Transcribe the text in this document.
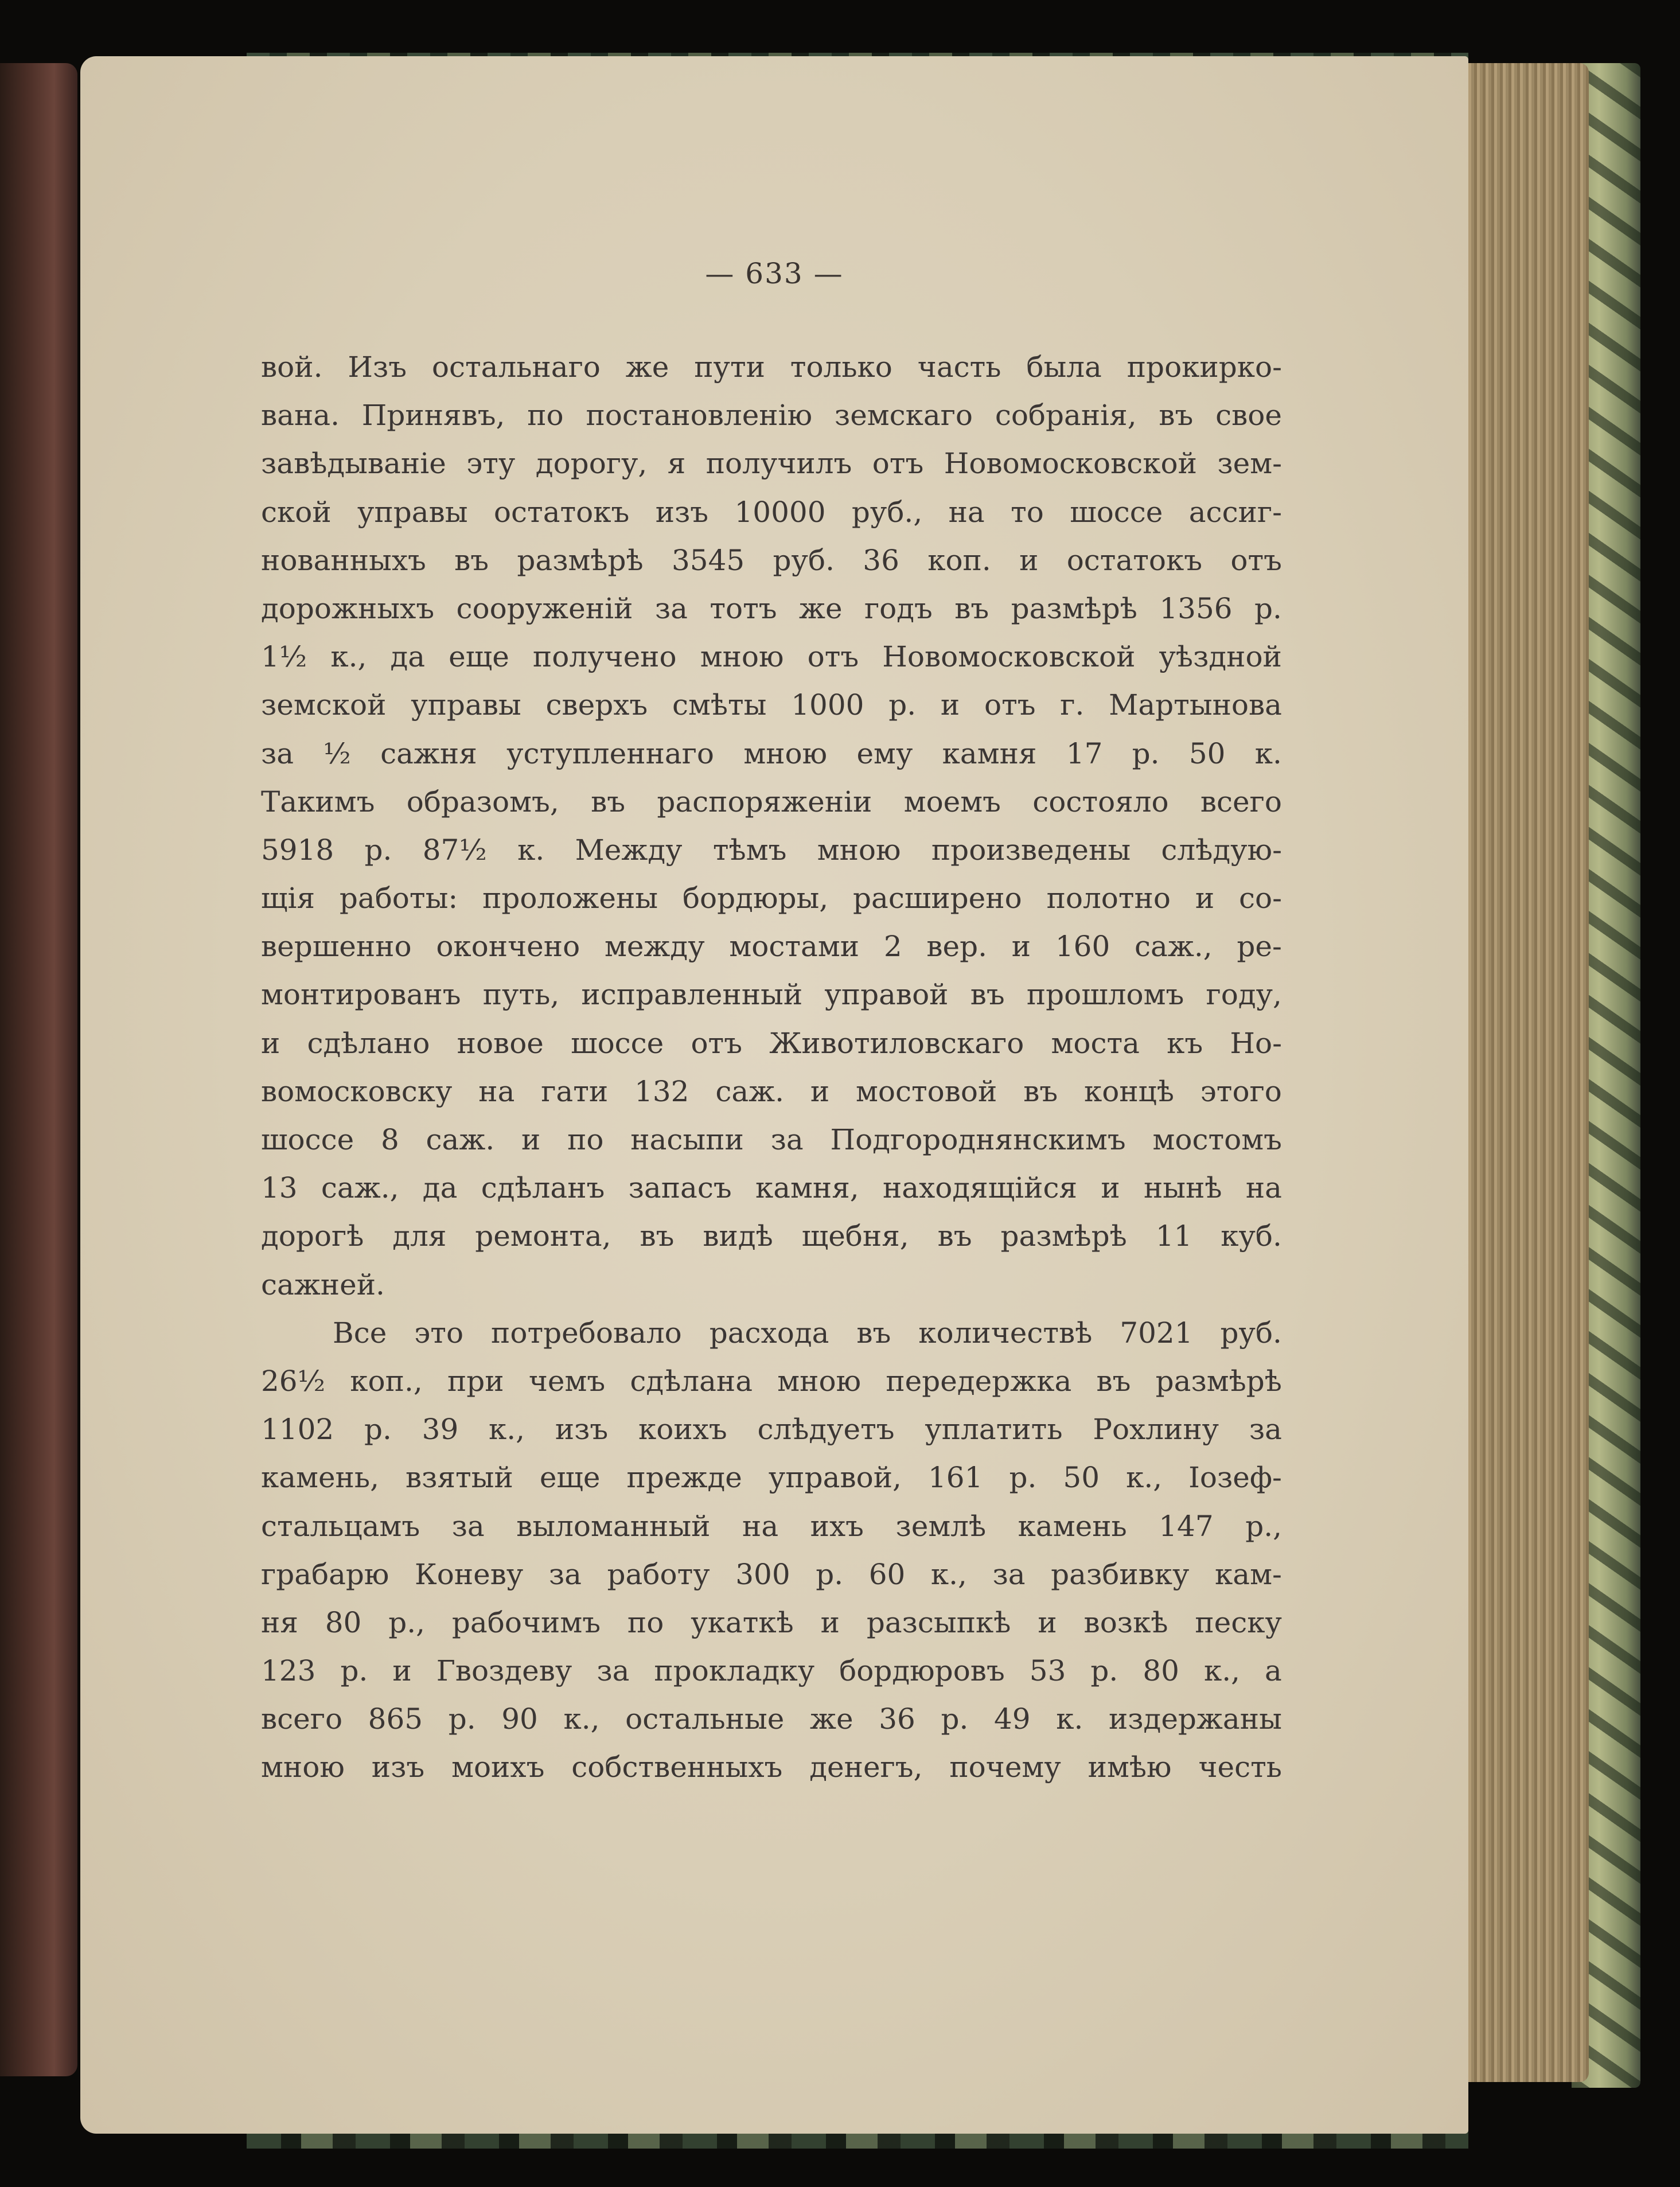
— 633 —
вой. Изъ остальнаго же пути только часть была прокирко-
вана. Принявъ, по постановленію земскаго собранія, въ свое
завѣдываніе эту дорогу, я получилъ отъ Новомосковской зем-
ской управы остатокъ изъ 10000 руб., на то шоссе ассиг-
нованныхъ въ размѣрѣ 3545 руб. 36 коп. и остатокъ отъ
дорожныхъ сооруженій за тотъ же годъ въ размѣрѣ 1356 р.
1½ к., да еще получено мною отъ Новомосковской уѣздной
земской управы сверхъ смѣты 1000 р. и отъ г. Мартынова
за ½ сажня уступленнаго мною ему камня 17 р. 50 к.
Такимъ образомъ, въ распоряженіи моемъ состояло всего
5918 р. 87½ к. Между тѣмъ мною произведены слѣдую-
щія работы: проложены бордюры, расширено полотно и со-
вершенно окончено между мостами 2 вер. и 160 саж., ре-
монтированъ путь, исправленный управой въ прошломъ году,
и сдѣлано новое шоссе отъ Животиловскаго моста къ Но-
вомосковску на гати 132 саж. и мостовой въ концѣ этого
шоссе 8 саж. и по насыпи за Подгороднянскимъ мостомъ
13 саж., да сдѣланъ запасъ камня, находящійся и нынѣ на
дорогѣ для ремонта, въ видѣ щебня, въ размѣрѣ 11 куб.
сажней.
Все это потребовало расхода въ количествѣ 7021 руб.
26½ коп., при чемъ сдѣлана мною передержка въ размѣрѣ
1102 р. 39 к., изъ коихъ слѣдуетъ уплатить Рохлину за
камень, взятый еще прежде управой, 161 р. 50 к., Іозеф-
стальцамъ за выломанный на ихъ землѣ камень 147 р.,
грабарю Коневу за работу 300 р. 60 к., за разбивку кам-
ня 80 р., рабочимъ по укаткѣ и разсыпкѣ и возкѣ песку
123 р. и Гвоздеву за прокладку бордюровъ 53 р. 80 к., а
всего 865 р. 90 к., остальные же 36 р. 49 к. издержаны
мною изъ моихъ собственныхъ денегъ, почему имѣю честь
